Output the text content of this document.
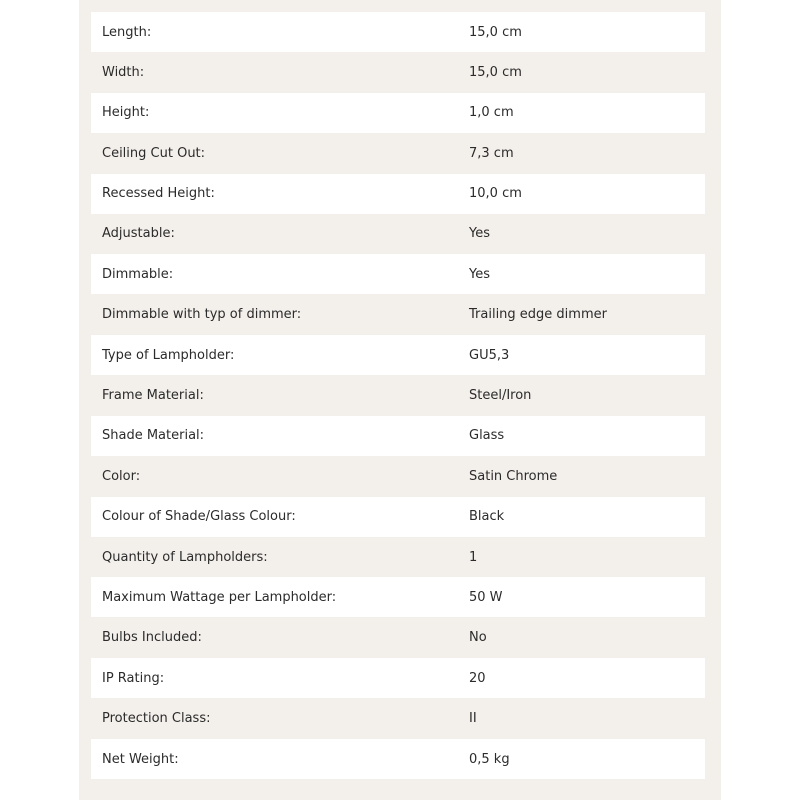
Length:	15,0 cm
Width:	15,0 cm
Height:	1,0 cm
Ceiling Cut Out:	7,3 cm
Recessed Height:	10,0 cm
Adjustable:	Yes
Dimmable:	Yes
Dimmable with typ of dimmer:	Trailing edge dimmer
Type of Lampholder:	GU5,3
Frame Material:	Steel/Iron
Shade Material:	Glass
Color:	Satin Chrome
Colour of Shade/Glass Colour:	Black
Quantity of Lampholders:	1
Maximum Wattage per Lampholder:	50 W
Bulbs Included:	No
IP Rating:	20
Protection Class:	II
Net Weight:	0,5 kg
